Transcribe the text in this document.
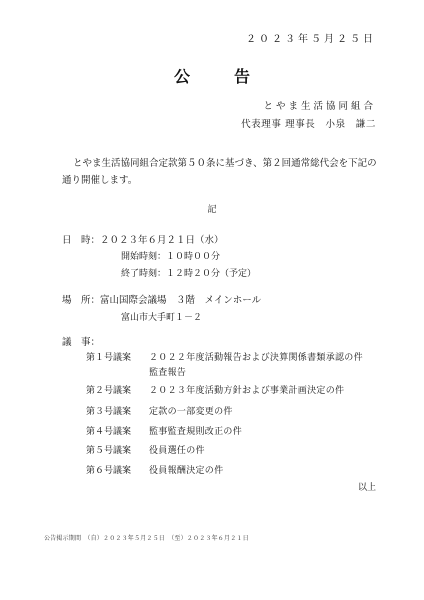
２０２３年５月２５日
公　告
とやま生活協同組合
代表理事 理事長　小泉　謙二
とやま生活協同組合定款第５０条に基づき、第２回通常総代会を下記の
通り開催します。
記
日　時： ２０２３年６月２１日（水）
開始時刻：１０時００分
終了時刻：１２時２０分（予定）
場　所： 富山国際会議場　３階　メインホール
富山市大手町１－２
議　事：
第１号議案 ２０２２年度活動報告および決算関係書類承認の件
監査報告
第２号議案 ２０２３年度活動方針および事業計画決定の件
第３号議案 定款の一部変更の件
第４号議案 監事監査規則改正の件
第５号議案 役員選任の件
第６号議案 役員報酬決定の件
以上
公告掲示期間　（自）２０２３年５月２５日　（至）２０２３年６月２１日
